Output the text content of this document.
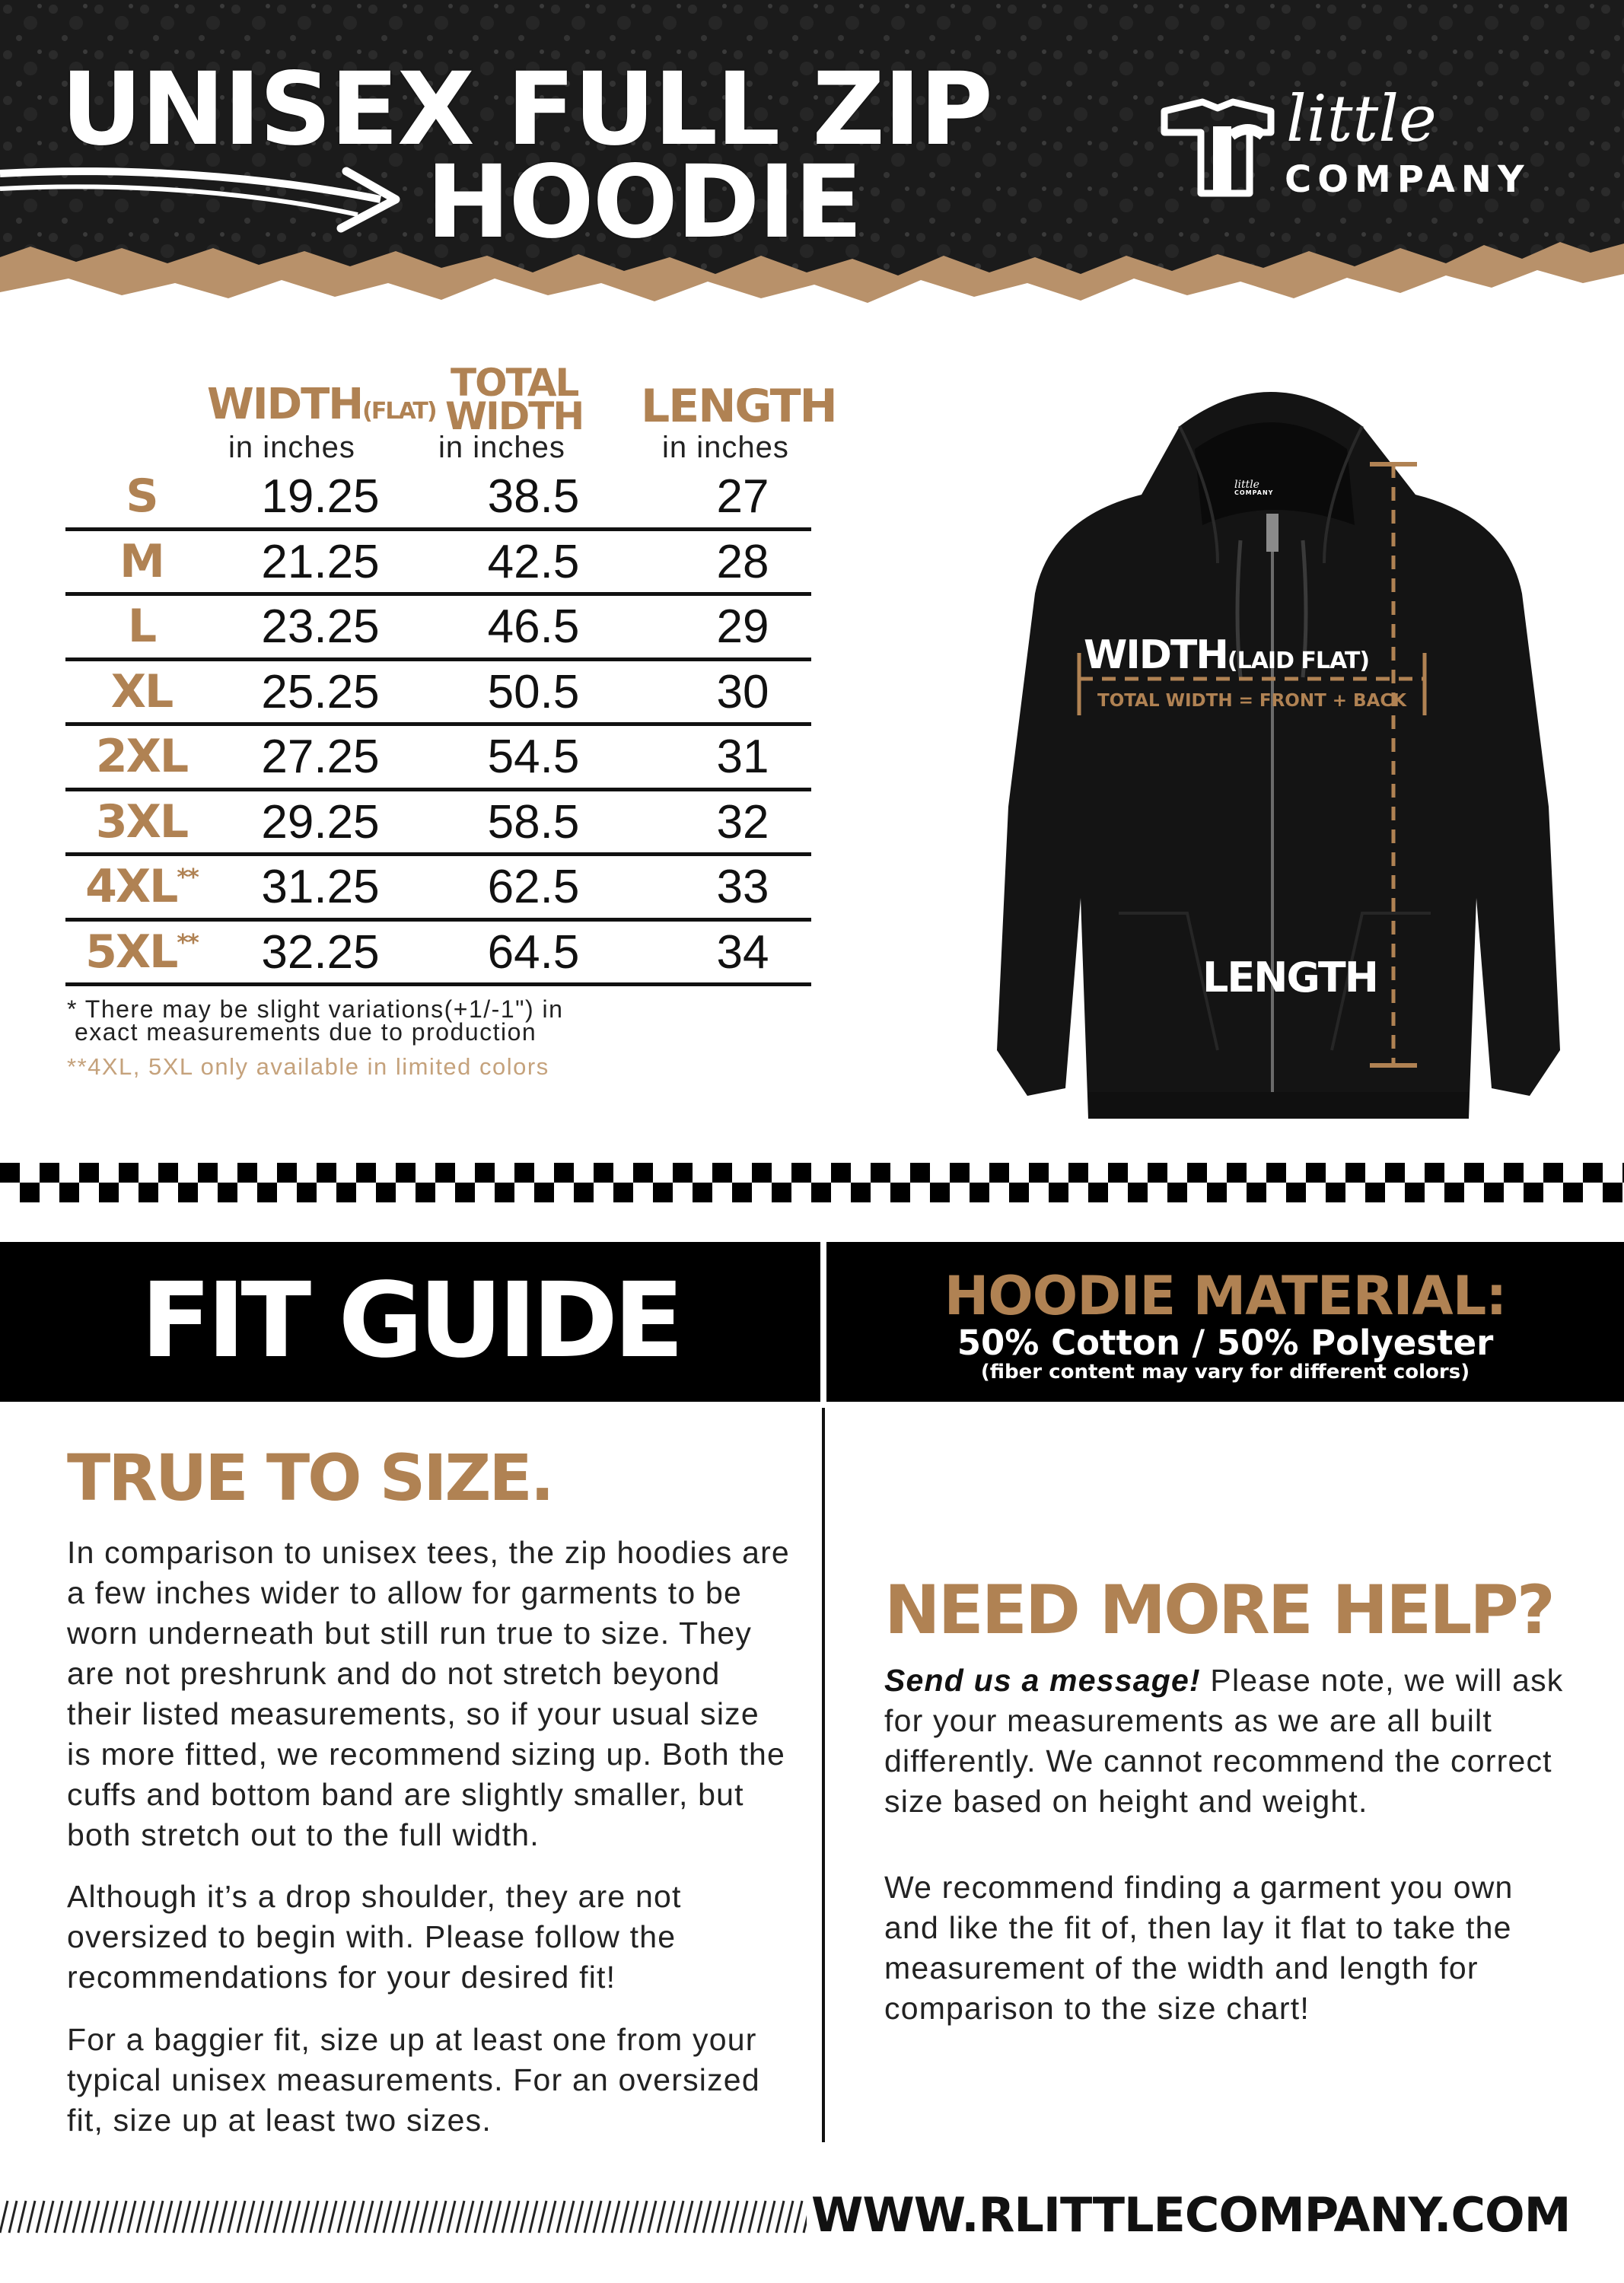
UNISEX FULL ZIP
HOODIE
little
COMPANY
WIDTH(FLAT)
in inches
TOTAL
WIDTH
in inches
LENGTH
in inches
S	19.25	38.5	27
M	21.25	42.5	28
L	23.25	46.5	29
XL	25.25	50.5	30
2XL	27.25	54.5	31
3XL	29.25	58.5	32
4XL**	31.25	62.5	33
5XL**	32.25	64.5	34
* There may be slight variations(+1/-1") in
exact measurements due to production
**4XL, 5XL only available in limited colors
little
COMPANY
WIDTH(LAID FLAT)
TOTAL WIDTH = FRONT + BACK
LENGTH
FIT GUIDE	HOODIE MATERIAL:
50% Cotton / 50% Polyester
(fiber content may vary for different colors)
TRUE TO SIZE.

In comparison to unisex tees, the zip hoodies are a few inches wider to allow for garments to be worn underneath but still run true to size. They are not preshrunk and do not stretch beyond their listed measurements, so if your usual size is more fitted, we recommend sizing up. Both the cuffs and bottom band are slightly smaller, but both stretch out to the full width.

Although it’s a drop shoulder, they are not oversized to begin with. Please follow the recommendations for your desired fit!

For a baggier fit, size up at least one from your typical unisex measurements. For an oversized fit, size up at least two sizes.

NEED MORE HELP?

Send us a message! Please note, we will ask for your measurements as we are all built differently. We cannot recommend the correct size based on height and weight.

We recommend finding a garment you own and like the fit of, then lay it flat to take the measurement of the width and length for comparison to the size chart!

WWW.RLITTLECOMPANY.COM
